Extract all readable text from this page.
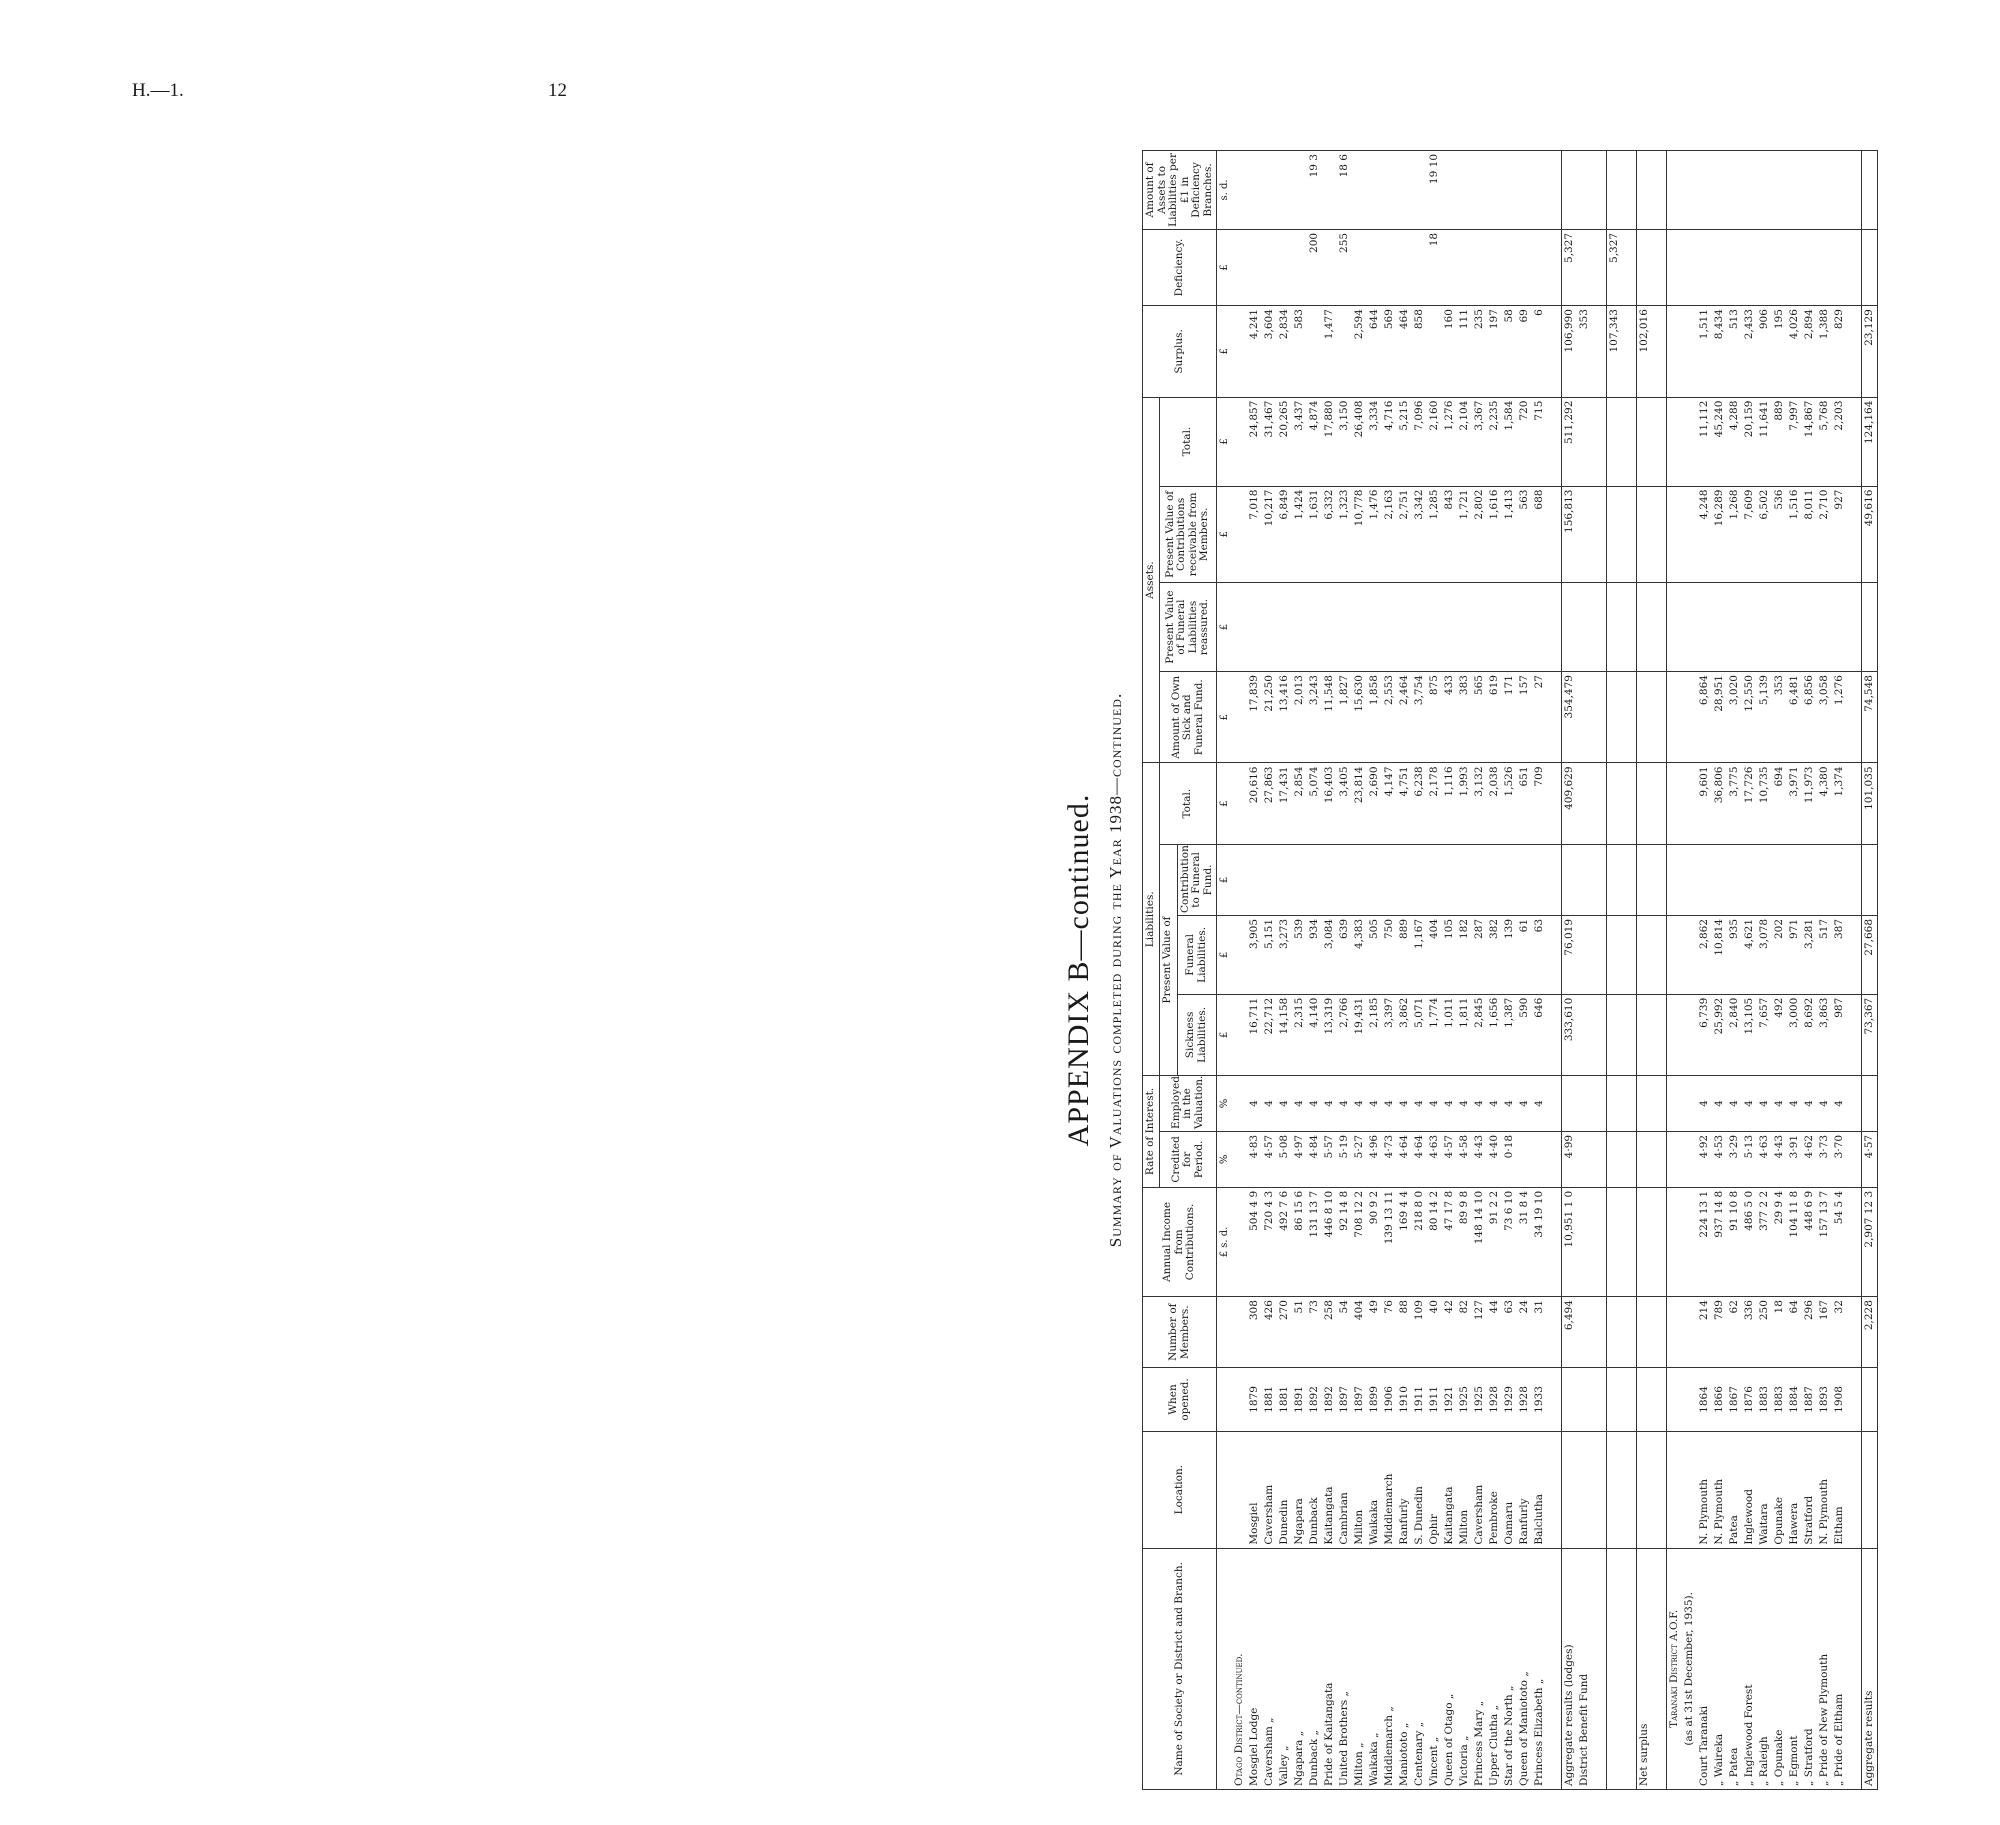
H.—1.	12
APPENDIX B—continued. Summary of Valuations completed during the Year 1938—continued.
Name of Society or District and Branch.	Location.	When opened.	Number of Members.	Annual Income from Contributions.	Rate of Interest.		Liabilities.				Assets.				Surplus.	Deficiency.	Amount of Assets to Liabilities per £1 in Deficiency Branches.
					Credited for Period.	Employed in the Valuation.	Present Value of			Total.	Amount of Own Sick and Funeral Fund.	Present Value of Funeral Liabilities reassured.	Present Value of Contributions receivable from Members.	Total.			
							Sickness Liabilities.	Funeral Liabilities.	Contribution to Funeral Fund.								
				£ s. d.	%	%	£	£	£	£	£	£	£	£	£	£	s. d.
Otago District—continued.																	
Mosgiel Lodge	Mosgiel	1879	308	504 4 9	4·83	4	16,711	3,905		20,616	17,839		7,018	24,857	4,241		
Caversham „	Caversham	1881	426	720 4 3	4·57	4	22,712	5,151		27,863	21,250		10,217	31,467	3,604		
Valley „	Dunedin	1881	270	492 7 6	5·08	4	14,158	3,273		17,431	13,416		6,849	20,265	2,834		
Ngapara „	Ngapara	1891	51	86 15 6	4·97	4	2,315	539		2,854	2,013		1,424	3,437	583		
Dunback „	Dunback	1892	73	131 13 7	4·84	4	4,140	934		5,074	3,243		1,631	4,874		200	19 3
Pride of Kaitangata	Kaitangata	1892	258	446 8 10	5·57	4	13,319	3,084		16,403	11,548		6,332	17,880	1,477		
United Brothers „	Cambrian	1897	54	92 14 8	5·19	4	2,766	639		3,405	1,827		1,323	3,150		255	18 6
Milton „	Milton	1897	404	708 12 2	5·27	4	19,431	4,383		23,814	15,630		10,778	26,408	2,594		
Waikaka „	Waikaka	1899	49	90 9 2	4·96	4	2,185	505		2,690	1,858		1,476	3,334	644		
Middlemarch „	Middlemarch	1906	76	139 13 11	4·73	4	3,397	750		4,147	2,553		2,163	4,716	569		
Maniototo „	Ranfurly	1910	88	169 4 4	4·64	4	3,862	889		4,751	2,464		2,751	5,215	464		
Centenary „	S. Dunedin	1911	109	218 8 0	4·64	4	5,071	1,167		6,238	3,754		3,342	7,096	858		
Vincent „	Ophir	1911	40	80 14 2	4·63	4	1,774	404		2,178	875		1,285	2,160		18	19 10
Queen of Otago „	Kaitangata	1921	42	47 17 8	4·57	4	1,011	105		1,116	433		843	1,276	160		
Victoria „	Milton	1925	82	89 9 8	4·58	4	1,811	182		1,993	383		1,721	2,104	111		
Princess Mary „	Caversham	1925	127	148 14 10	4·43	4	2,845	287		3,132	565		2,802	3,367	235		
Upper Clutha „	Pembroke	1928	44	91 2 2	4·40	4	1,656	382		2,038	619		1,616	2,235	197		
Star of the North „	Oamaru	1929	63	73 6 10	0·18	4	1,387	139		1,526	171		1,413	1,584	58		
Queen of Maniototo „	Ranfurly	1928	24	31 8 4		4	590	61		651	157		563	720	69		
Princess Elizabeth „	Balclutha	1933	31	34 19 10		4	646	63		709	27		688	715	6		

Aggregate results (lodges)			6,494	10,951 1 0	4·99		333,610	76,019		409,629	354,479		156,813	511,292	106,990	5,327	
District Benefit Fund															353		

															107,343	5,327	

Net surplus															102,016		

Taranaki District A.O.F.																	
(as at 31st December, 1935).																	
Court Taranaki	N. Plymouth	1864	214	224 13 1	4·92	4	6,739	2,862		9,601	6,864		4,248	11,112	1,511		
„ Waireka	N. Plymouth	1866	789	937 14 8	4·53	4	25,992	10,814		36,806	28,951		16,289	45,240	8,434		
„ Patea	Patea	1867	62	91 10 8	3·29	4	2,840	935		3,775	3,020		1,268	4,288	513		
„ Inglewood Forest	Inglewood	1876	336	486 5 0	5·13	4	13,105	4,621		17,726	12,550		7,609	20,159	2,433		
„ Raleigh	Waitara	1883	250	377 2 2	4·63	4	7,657	3,078		10,735	5,139		6,502	11,641	906		
„ Opunake	Opunake	1883	18	29 9 4	4·43	4	492	202		694	353		536	889	195		
„ Egmont	Hawera	1884	64	104 11 8	3·91	4	3,000	971		3,971	6,481		1,516	7,997	4,026		
„ Stratford	Stratford	1887	296	448 6 9	4·62	4	8,692	3,281		11,973	6,856		8,011	14,867	2,894		
„ Pride of New Plymouth	N. Plymouth	1893	167	157 13 7	3·73	4	3,863	517		4,380	3,058		2,710	5,768	1,388		
„ Pride of Eltham	Eltham	1908	32	54 5 4	3·70	4	987	387		1,374	1,276		927	2,203	829		

Aggregate results			2,228	2,907 12 3	4·57		73,367	27,668		101,035	74,548		49,616	124,164	23,129		
